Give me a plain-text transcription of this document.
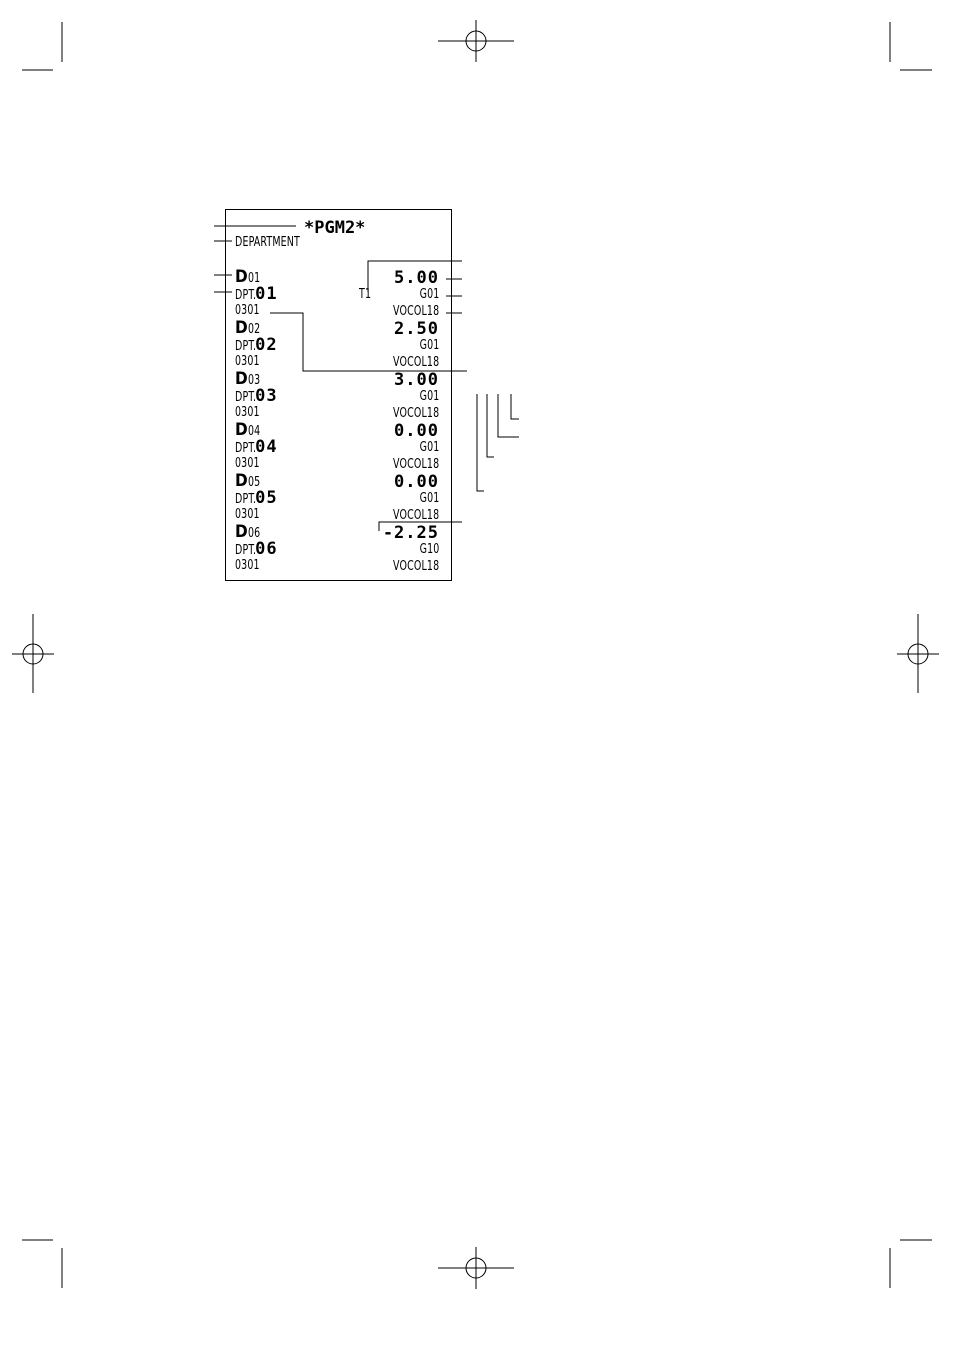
*PGM2*
DEPARTMENT
T1
D01
DPT.01
0301
5.00
G01
VOCOL18
D02
DPT.02
0301
2.50
G01
VOCOL18
D03
DPT.03
0301
3.00
G01
VOCOL18
D04
DPT.04
0301
0.00
G01
VOCOL18
D05
DPT.05
0301
0.00
G01
VOCOL18
D06
DPT.06
0301
-2.25
G10
VOCOL18
